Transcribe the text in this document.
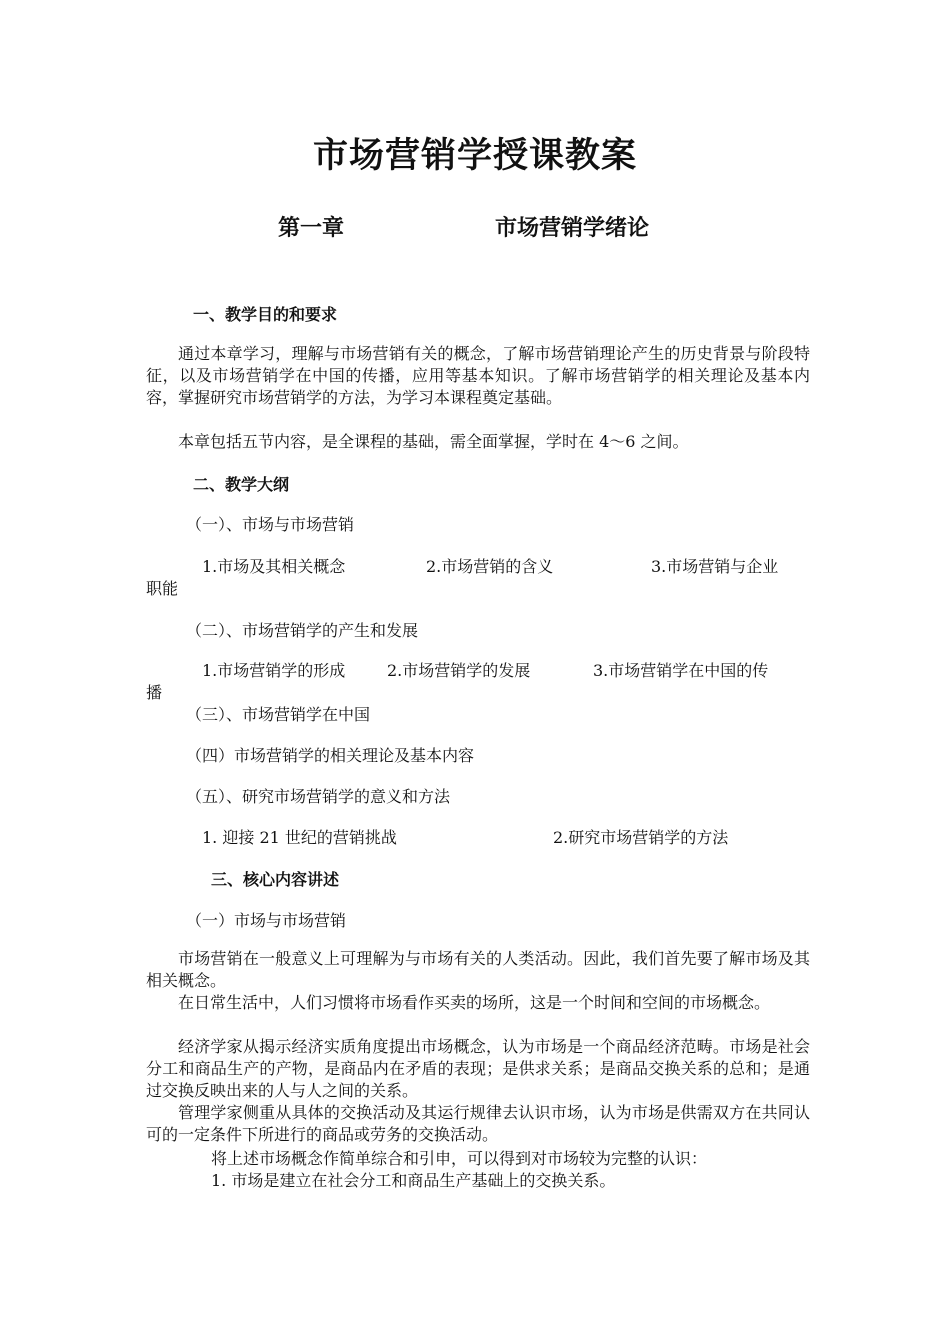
市场营销学授课教案
第一章	市场营销学绪论
一、教学目的和要求
通过本章学习，理解与市场营销有关的概念，了解市场营销理论产生的历史背景与阶段特征，以及市场营销学在中国的传播，应用等基本知识。了解市场营销学的相关理论及基本内容，掌握研究市场营销学的方法，为学习本课程奠定基础。
本章包括五节内容，是全课程的基础，需全面掌握，学时在 4～6 之间。
二、教学大纲
（一）、市场与市场营销
1.市场及其相关概念	2.市场营销的含义	3.市场营销与企业
职能
（二）、市场营销学的产生和发展
1.市场营销学的形成	2.市场营销学的发展	3.市场营销学在中国的传
播
（三）、市场营销学在中国
（四）市场营销学的相关理论及基本内容
（五）、研究市场营销学的意义和方法
1. 迎接 21 世纪的营销挑战	2.研究市场营销学的方法
三、核心内容讲述
（一）市场与市场营销
市场营销在一般意义上可理解为与市场有关的人类活动。因此，我们首先要了解市场及其相关概念。
在日常生活中，人们习惯将市场看作买卖的场所，这是一个时间和空间的市场概念。
经济学家从揭示经济实质角度提出市场概念，认为市场是一个商品经济范畴。市场是社会分工和商品生产的产物，是商品内在矛盾的表现；是供求关系；是商品交换关系的总和；是通过交换反映出来的人与人之间的关系。
管理学家侧重从具体的交换活动及其运行规律去认识市场，认为市场是供需双方在共同认可的一定条件下所进行的商品或劳务的交换活动。
将上述市场概念作简单综合和引申，可以得到对市场较为完整的认识：
1. 市场是建立在社会分工和商品生产基础上的交换关系。
